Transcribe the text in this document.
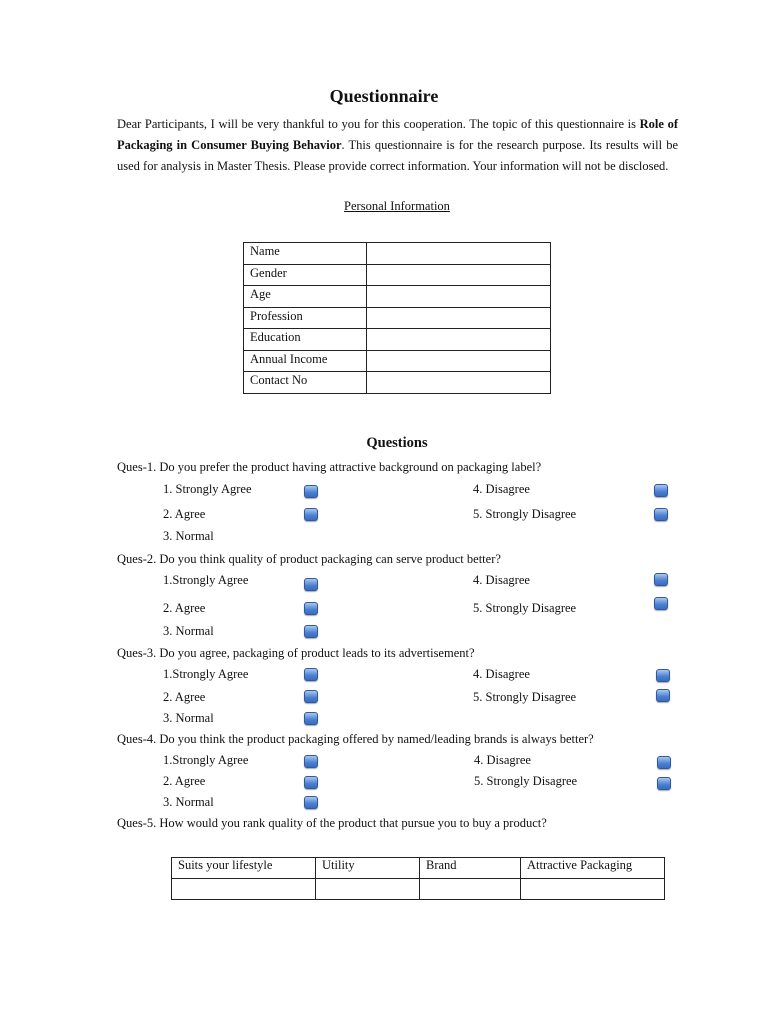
Questionnaire
Dear Participants, I will be very thankful to you for this cooperation. The topic of this questionnaire is Role of Packaging in Consumer Buying Behavior. This questionnaire is for the research purpose. Its results will be used for analysis in Master Thesis. Please provide correct information. Your information will not be disclosed.
Personal Information
Name	
Gender	
Age	
Profession	
Education	
Annual Income	
Contact No	
Questions
Ques-1. Do you prefer the product having attractive background on packaging label?
1. Strongly Agree
2. Agree
3. Normal
4. Disagree
5. Strongly Disagree
Ques-2. Do you think quality of product packaging can serve product better?
1.Strongly Agree
2. Agree
3. Normal
4. Disagree
5. Strongly Disagree
Ques-3. Do you agree, packaging of product leads to its advertisement?
1.Strongly Agree
2. Agree
3. Normal
4. Disagree
5. Strongly Disagree
Ques-4. Do you think the product packaging offered by named/leading brands is always better?
1.Strongly Agree
2. Agree
3. Normal
4. Disagree
5. Strongly Disagree
Ques-5. How would you rank quality of the product that pursue you to buy a product?
Suits your lifestyle	Utility	Brand	Attractive Packaging
